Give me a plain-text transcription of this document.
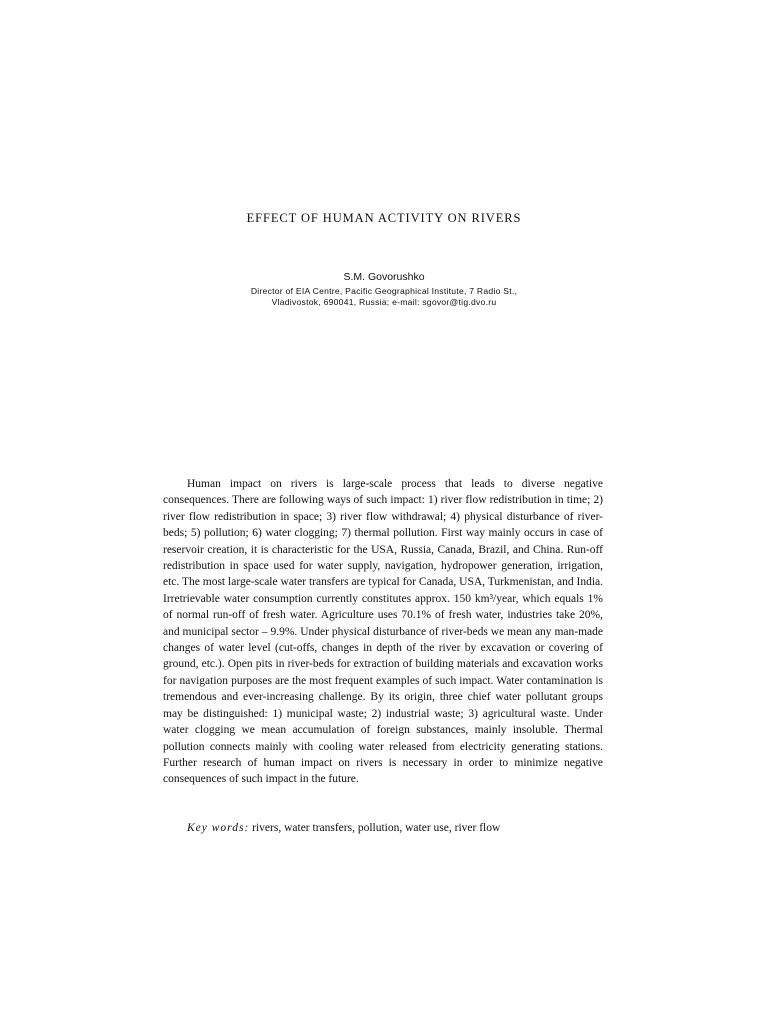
EFFECT OF HUMAN ACTIVITY ON RIVERS
S.M. Govorushko
Director of EIA Centre, Pacific Geographical Institute, 7 Radio St.,
Vladivostok, 690041, Russia; e-mail: sgovor@tig.dvo.ru

Human impact on rivers is large-scale process that leads to diverse negative consequences. There are following ways of such impact: 1) river flow redistribution in time; 2) river flow redistribution in space; 3) river flow withdrawal; 4) physical disturbance of river-beds; 5) pollution; 6) water clogging; 7) thermal pollution. First way mainly occurs in case of reservoir creation, it is characteristic for the USA, Russia, Canada, Brazil, and China. Run-off redistribution in space used for water supply, navigation, hydropower generation, irrigation, etc. The most large-scale water transfers are typical for Canada, USA, Turkmenistan, and India. Irretrievable water consumption currently constitutes approx. 150 km³/year, which equals 1% of normal run-off of fresh water. Agriculture uses 70.1% of fresh water, industries take 20%, and municipal sector – 9.9%. Under physical disturbance of river-beds we mean any man-made changes of water level (cut-offs, changes in depth of the river by excavation or covering of ground, etc.). Open pits in river-beds for extraction of building materials and excavation works for navigation purposes are the most frequent examples of such impact. Water contamination is tremendous and ever-increasing challenge. By its origin, three chief water pollutant groups may be distinguished: 1) municipal waste; 2) industrial waste; 3) agricultural waste. Under water clogging we mean accumulation of foreign substances, mainly insoluble. Thermal pollution connects mainly with cooling water released from electricity generating stations. Further research of human impact on rivers is necessary in order to minimize negative consequences of such impact in the future.

Key words: rivers, water transfers, pollution, water use, river flow
